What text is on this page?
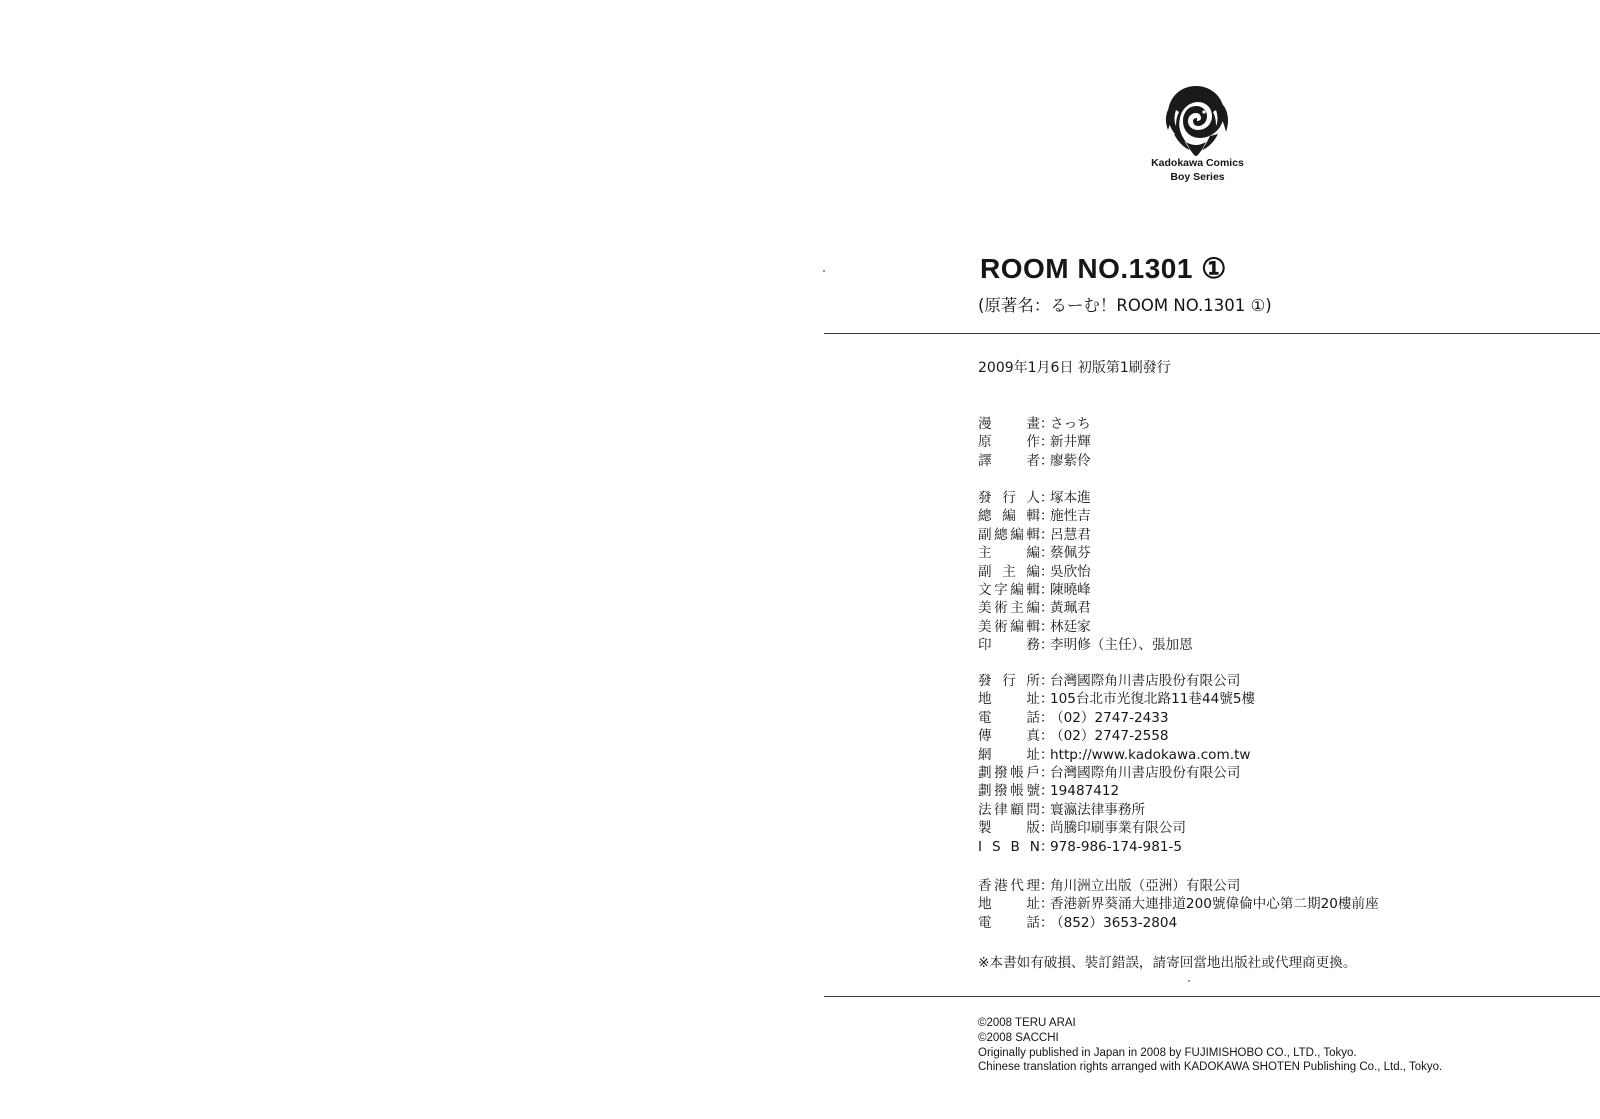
Kadokawa Comics
Boy Series
ROOM NO.1301 ①
(原著名：るーむ！ROOM NO.1301 ①)
2009年1月6日 初版第1刷發行
漫	畫 ：
さっち
原	作 ：
新井輝
譯	者 ：
廖紫伶
發 行 人 ：
塚本進
總 編 輯 ：
施性吉
副 總 編 輯 ：
呂慧君
主	編 ：
蔡佩芬
副 主 編 ：
吳欣怡
文 字 編 輯 ：
陳曉峰
美 術 主 編 ：
黃珮君
美 術 編 輯 ：
林廷家
印	務 ：
李明修（主任）、張加恩
發 行 所 ：
台灣國際角川書店股份有限公司
地	址 ：
105台北市光復北路11巷44號5樓
電	話 ：
（02）2747-2433
傳	真 ：
（02）2747-2558
網	址 ：
http://www.kadokawa.com.tw
劃 撥 帳 戶 ：
台灣國際角川書店股份有限公司
劃 撥 帳 號 ：
19487412
法 律 顧 問 ：
寰瀛法律事務所
製	版 ：
尚騰印刷事業有限公司
I S B N ：
978-986-174-981-5
香 港 代 理 ：
角川洲立出版（亞洲）有限公司
地	址 ：
香港新界葵涌大連排道200號偉倫中心第二期20樓前座
電	話 ：
（852）3653-2804
※本書如有破損、裝訂錯誤，請寄回當地出版社或代理商更換。
©2008 TERU ARAI
©2008 SACCHI
Originally published in Japan in 2008 by FUJIMISHOBO CO., LTD., Tokyo.
Chinese translation rights arranged with KADOKAWA SHOTEN Publishing Co., Ltd., Tokyo.
